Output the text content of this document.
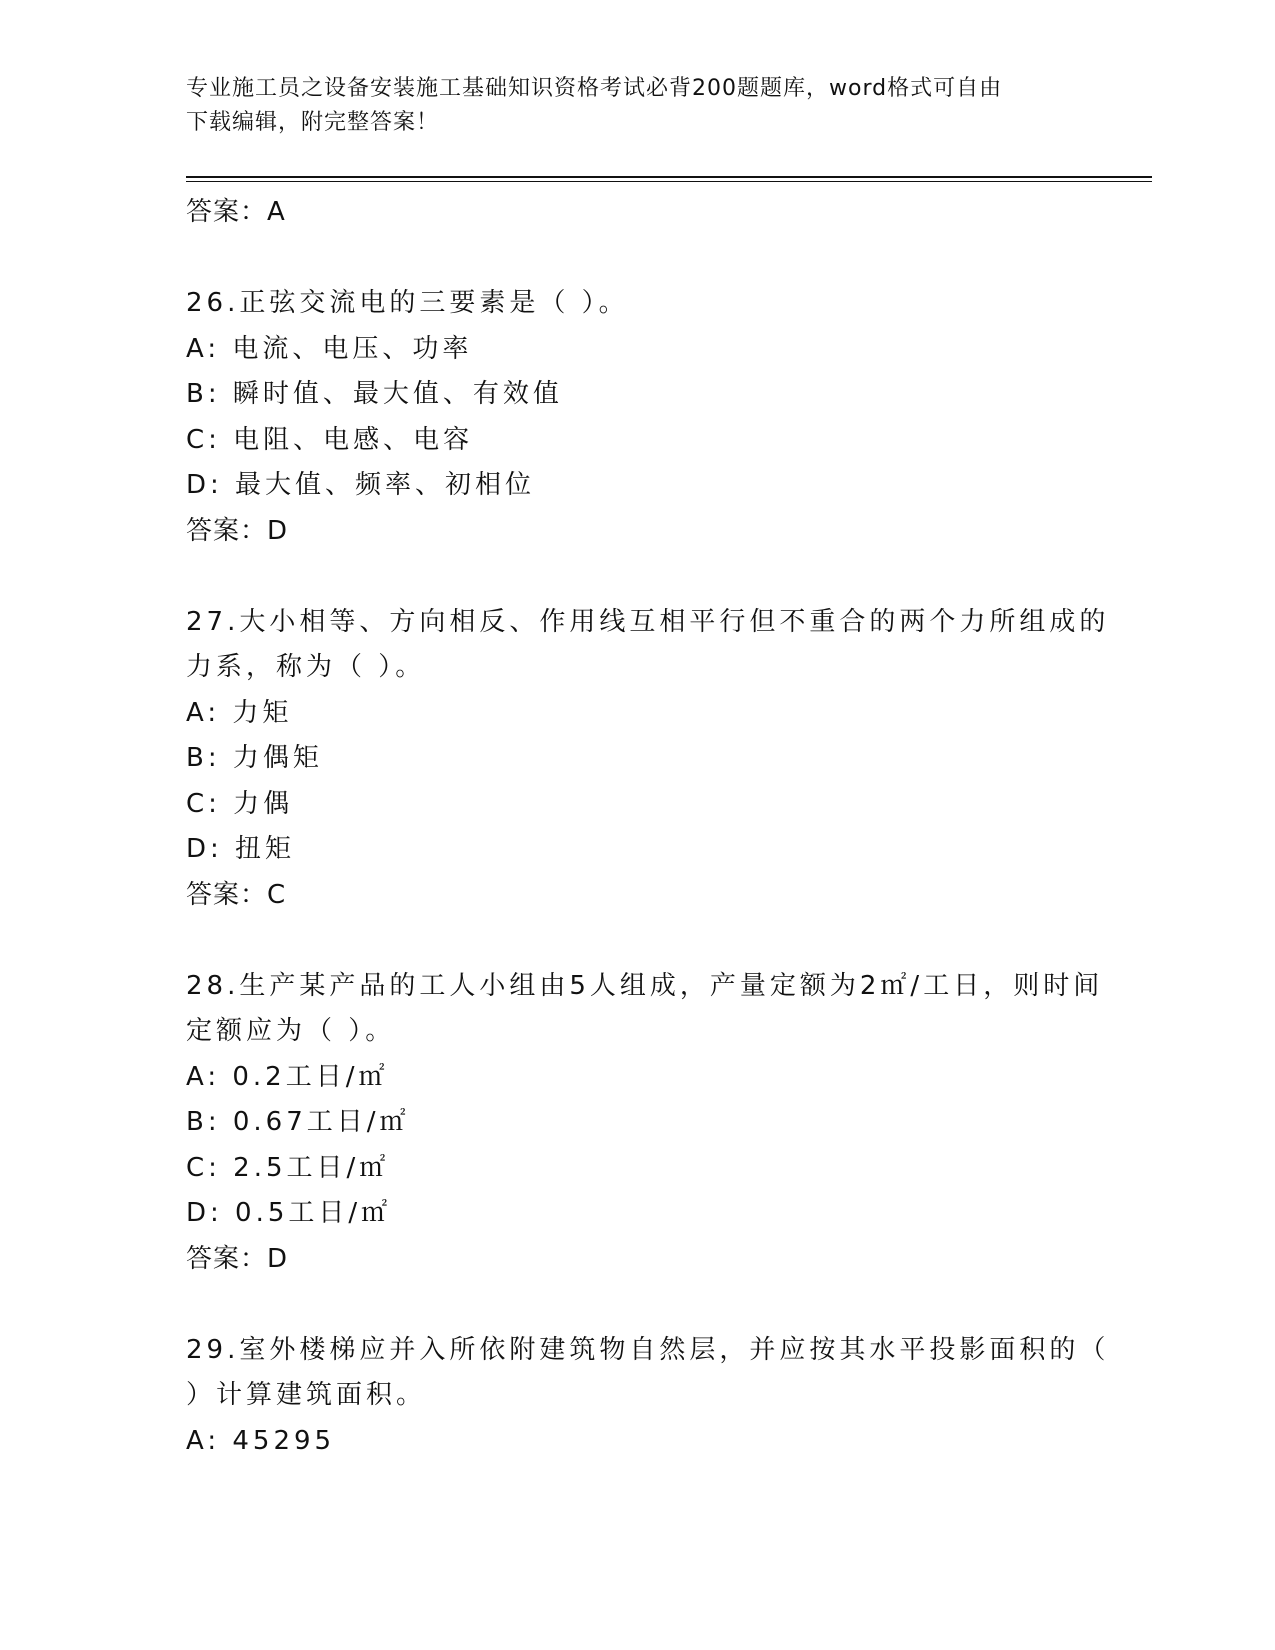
专业施工员之设备安装施工基础知识资格考试必背200题题库，word格式可自由
下载编辑，附完整答案！
答案：A
26.正弦交流电的三要素是（ ）。
A: 电流、电压、功率
B: 瞬时值、最大值、有效值
C: 电阻、电感、电容
D: 最大值、频率、初相位
答案：D
27.大小相等、方向相反、作用线互相平行但不重合的两个力所组成的
力系，称为（ ）。
A: 力矩
B: 力偶矩
C: 力偶
D: 扭矩
答案：C
28.生产某产品的工人小组由5人组成，产量定额为2㎡/工日，则时间
定额应为（ ）。
A: 0.2工日/㎡
B: 0.67工日/㎡
C: 2.5工日/㎡
D: 0.5工日/㎡
答案：D
29.室外楼梯应并入所依附建筑物自然层，并应按其水平投影面积的（
）计算建筑面积。
A: 45295
